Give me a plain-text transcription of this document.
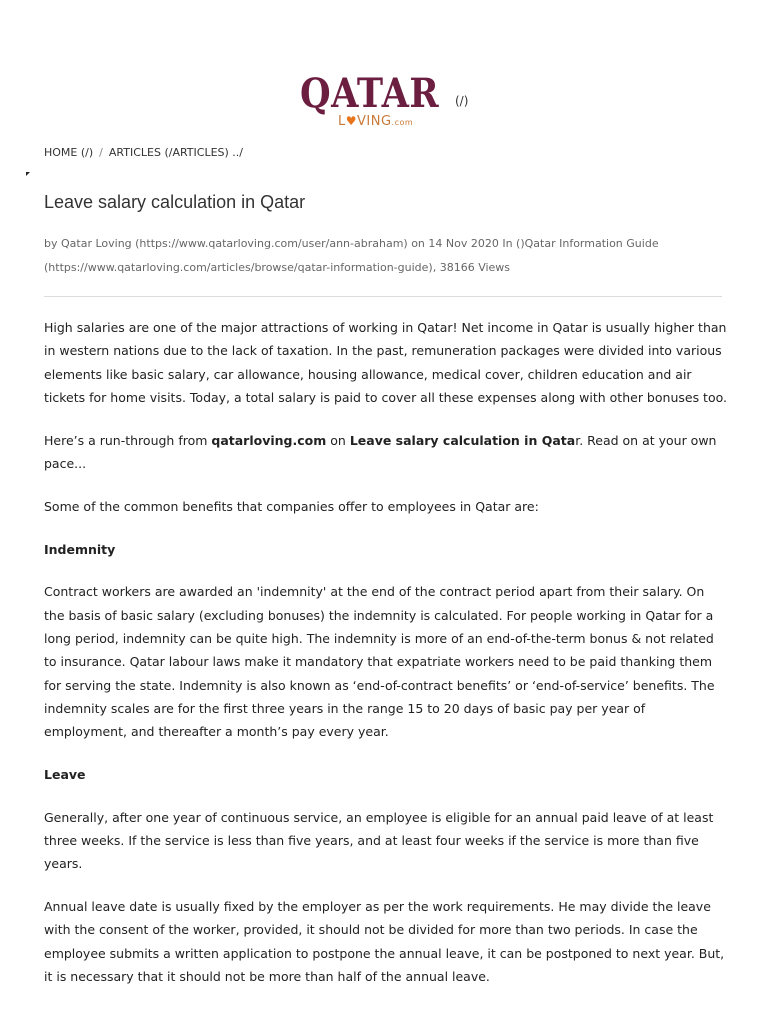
QATAR
L♥VING.com
(/)
HOME (/) / ARTICLES (/ARTICLES) ../
Leave salary calculation in Qatar
by Qatar Loving (https://www.qatarloving.com/user/ann-abraham) on 14 Nov 2020 In ()Qatar Information Guide
(https://www.qatarloving.com/articles/browse/qatar-information-guide), 38166 Views

High salaries are one of the major attractions of working in Qatar! Net income in Qatar is usually higher than in western nations due to the lack of taxation. In the past, remuneration packages were divided into various elements like basic salary, car allowance, housing allowance, medical cover, children education and air tickets for home visits. Today, a total salary is paid to cover all these expenses along with other bonuses too.

Here’s a run-through from qatarloving.com on Leave salary calculation in Qatar. Read on at your own pace...

Some of the common benefits that companies offer to employees in Qatar are:

Indemnity

Contract workers are awarded an 'indemnity' at the end of the contract period apart from their salary. On the basis of basic salary (excluding bonuses) the indemnity is calculated. For people working in Qatar for a long period, indemnity can be quite high. The indemnity is more of an end-of-the-term bonus & not related to insurance. Qatar labour laws make it mandatory that expatriate workers need to be paid thanking them for serving the state. Indemnity is also known as ‘end-of-contract benefits’ or ‘end-of-service’ benefits. The indemnity scales are for the first three years in the range 15 to 20 days of basic pay per year of employment, and thereafter a month’s pay every year.

Leave

Generally, after one year of continuous service, an employee is eligible for an annual paid leave of at least three weeks. If the service is less than five years, and at least four weeks if the service is more than five years.

Annual leave date is usually fixed by the employer as per the work requirements. He may divide the leave with the consent of the worker, provided, it should not be divided for more than two periods. In case the employee submits a written application to postpone the annual leave, it can be postponed to next year. But, it is necessary that it should not be more than half of the annual leave.
